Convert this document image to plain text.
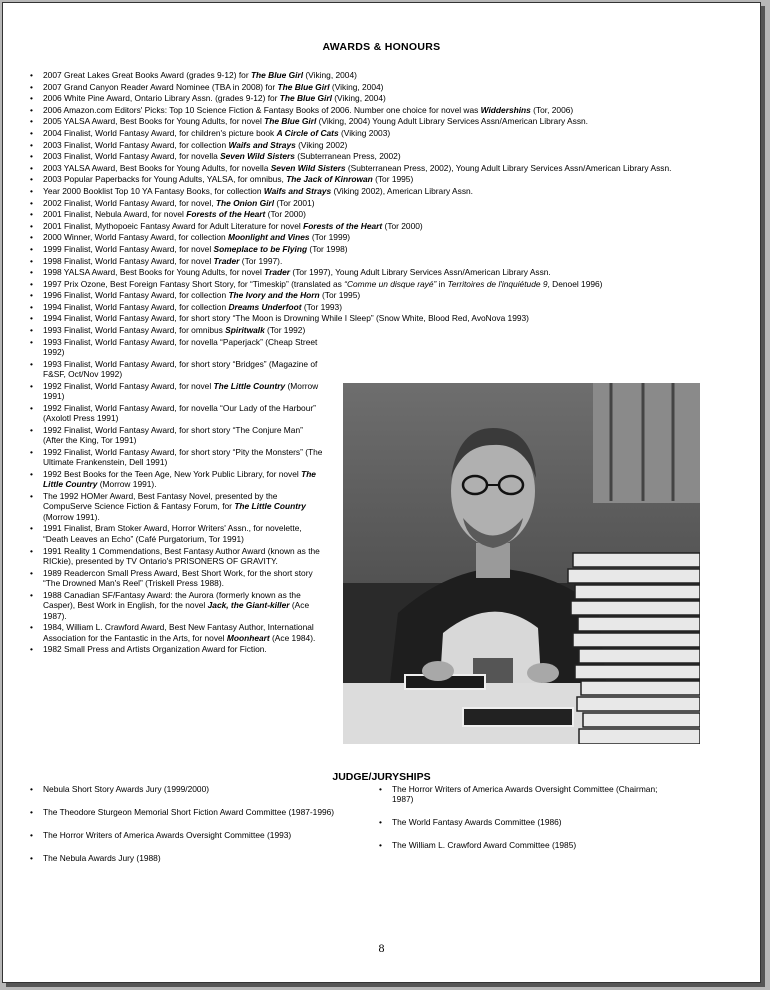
AWARDS & HONOURS
• 2007 Great Lakes Great Books Award (grades 9-12) for The Blue Girl (Viking, 2004)
• 2007 Grand Canyon Reader Award Nominee (TBA in 2008) for The Blue Girl (Viking, 2004)
• 2006 White Pine Award, Ontario Library Assn. (grades 9-12) for The Blue Girl (Viking, 2004)
• 2006 Amazon.com Editors' Picks: Top 10 Science Fiction & Fantasy Books of 2006. Number one choice for novel was Widdershins (Tor, 2006)
• 2005 YALSA Award, Best Books for Young Adults, for novel The Blue Girl (Viking, 2004) Young Adult Library Services Assn/American Library Assn.
• 2004 Finalist, World Fantasy Award, for children's picture book A Circle of Cats (Viking 2003)
• 2003 Finalist, World Fantasy Award, for collection Waifs and Strays (Viking 2002)
• 2003 Finalist, World Fantasy Award, for novella Seven Wild Sisters (Subterranean Press, 2002)
• 2003 YALSA Award, Best Books for Young Adults, for novella Seven Wild Sisters (Subterranean Press, 2002), Young Adult Library Services Assn/American Library Assn.
• 2003 Popular Paperbacks for Young Adults, YALSA, for omnibus, The Jack of Kinrowan (Tor 1995)
• Year 2000 Booklist Top 10 YA Fantasy Books, for collection Waifs and Strays (Viking 2002), American Library Assn.
• 2002 Finalist, World Fantasy Award, for novel, The Onion Girl (Tor 2001)
• 2001 Finalist, Nebula Award, for novel Forests of the Heart (Tor 2000)
• 2001 Finalist, Mythopoeic Fantasy Award for Adult Literature for novel Forests of the Heart (Tor 2000)
• 2000 Winner, World Fantasy Award, for collection Moonlight and Vines (Tor 1999)
• 1999 Finalist, World Fantasy Award, for novel Someplace to be Flying (Tor 1998)
• 1998 Finalist, World Fantasy Award, for novel Trader (Tor 1997).
• 1998 YALSA Award, Best Books for Young Adults, for novel Trader (Tor 1997), Young Adult Library Services Assn/American Library Assn.
• 1997 Prix Ozone, Best Foreign Fantasy Short Story, for “Timeskip” (translated as “Comme un disque rayé” in Territoires de l'inquiétude 9, Denoel 1996)
• 1996 Finalist, World Fantasy Award, for collection The Ivory and the Horn (Tor 1995)
• 1994 Finalist, World Fantasy Award, for collection Dreams Underfoot (Tor 1993)
• 1994 Finalist, World Fantasy Award, for short story “The Moon is Drowning While I Sleep” (Snow White, Blood Red, AvoNova 1993)
• 1993 Finalist, World Fantasy Award, for omnibus Spiritwalk (Tor 1992)
• 1993 Finalist, World Fantasy Award, for novella “Paperjack” (Cheap Street 1992)
• 1993 Finalist, World Fantasy Award, for short story “Bridges” (Magazine of F&SF, Oct/Nov 1992)
• 1992 Finalist, World Fantasy Award, for novel The Little Country (Morrow 1991)
• 1992 Finalist, World Fantasy Award, for novella “Our Lady of the Harbour” (Axolotl Press 1991)
• 1992 Finalist, World Fantasy Award, for short story “The Conjure Man” (After the King, Tor 1991)
• 1992 Finalist, World Fantasy Award, for short story “Pity the Monsters” (The Ultimate Frankenstein, Dell 1991)
• 1992 Best Books for the Teen Age, New York Public Library, for novel The Little Country (Morrow 1991).
• The 1992 HOMer Award, Best Fantasy Novel, presented by the CompuServe Science Fiction & Fantasy Forum, for The Little Country (Morrow 1991).
• 1991 Finalist, Bram Stoker Award, Horror Writers' Assn., for novelette, “Death Leaves an Echo” (Café Purgatorium, Tor 1991)
• 1991 Reality 1 Commendations, Best Fantasy Author Award (known as the RICkie), presented by TV Ontario's PRISONERS OF GRAVITY.
• 1989 Readercon Small Press Award, Best Short Work, for the short story “The Drowned Man's Reel” (Triskell Press 1988).
• 1988 Canadian SF/Fantasy Award: the Aurora (formerly known as the Casper), Best Work in English, for the novel Jack, the Giant-killer (Ace 1987).
• 1984, William L. Crawford Award, Best New Fantasy Author, International Association for the Fantastic in the Arts, for novel Moonheart (Ace 1984).
• 1982 Small Press and Artists Organization Award for Fiction.
JUDGE/JURYSHIPS
• Nebula Short Story Awards Jury (1999/2000)
• The Theodore Sturgeon Memorial Short Fiction Award Committee (1987-1996)
• The Horror Writers of America Awards Oversight Committee (1993)
• The Nebula Awards Jury (1988)
• The Horror Writers of America Awards Oversight Committee (Chairman; 1987)
• The World Fantasy Awards Committee (1986)
• The William L. Crawford Award Committee (1985)
8
